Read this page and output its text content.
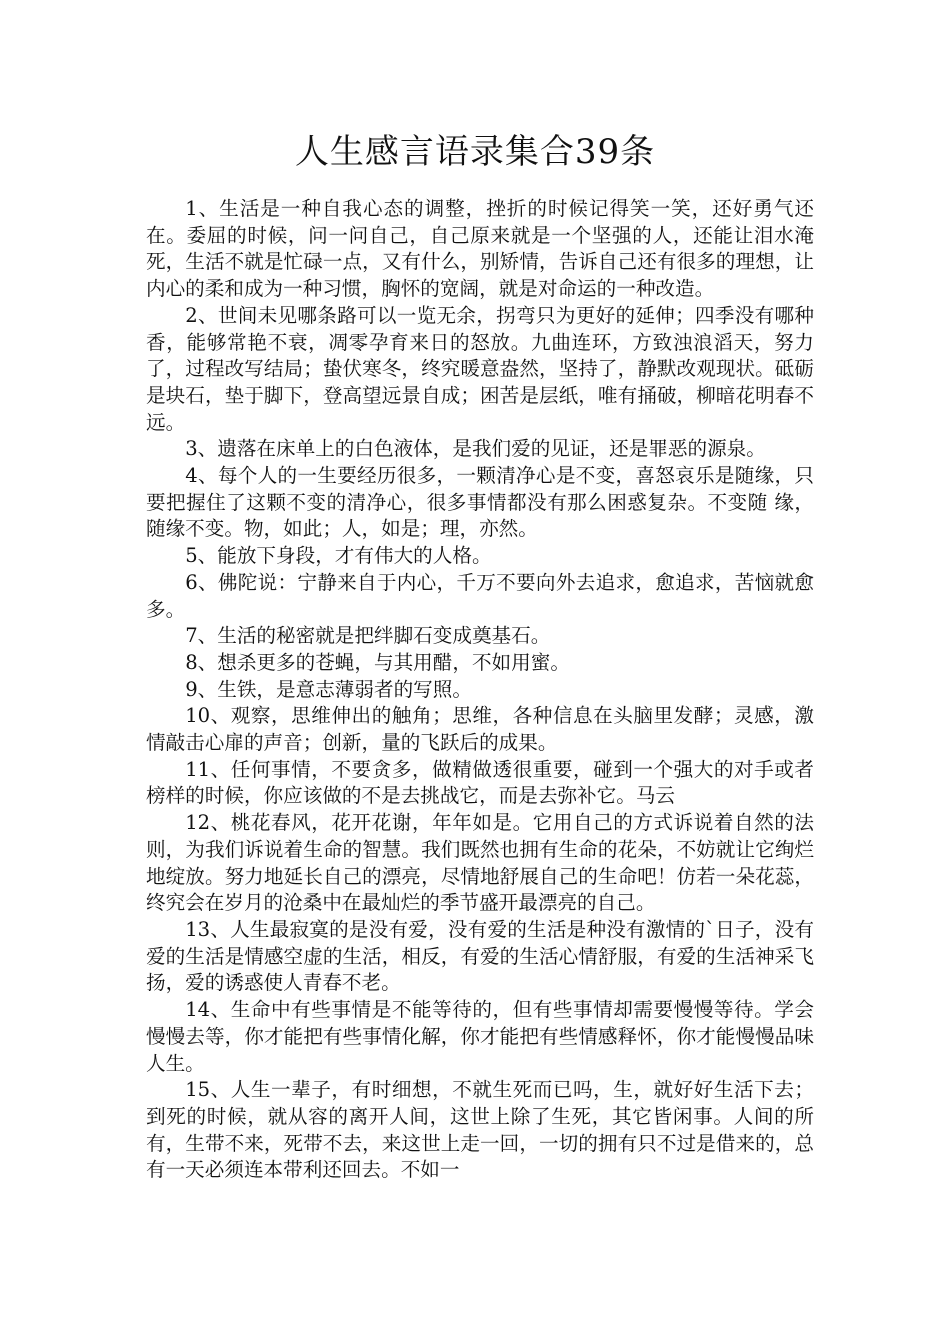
人生感言语录集合39条

1、生活是一种自我心态的调整，挫折的时候记得笑一笑，还好勇气还在。委屈的时候，问一问自己，自己原来就是一个坚强的人，还能让泪水淹死，生活不就是忙碌一点，又有什么，别矫情，告诉自己还有很多的理想，让内心的柔和成为一种习惯，胸怀的宽阔，就是对命运的一种改造。

2、世间未见哪条路可以一览无余，拐弯只为更好的延伸；四季没有哪种香，能够常艳不衰，凋零孕育来日的怒放。九曲连环，方致浊浪滔天，努力了，过程改写结局；蛰伏寒冬，终究暖意盎然，坚持了，静默改观现状。砥砺是块石，垫于脚下，登高望远景自成；困苦是层纸，唯有捅破，柳暗花明春不远。

3、遗落在床单上的白色液体，是我们爱的见证，还是罪恶的源泉。

4、每个人的一生要经历很多，一颗清净心是不变，喜怒哀乐是随缘，只 要把握住了这颗不变的清净心，很多事情都没有那么困惑复杂。不变随 缘，随缘不变。物，如此；人，如是；理，亦然。

5、能放下身段，才有伟大的人格。

6、佛陀说：宁静来自于内心，千万不要向外去追求，愈追求，苦恼就愈多。

7、生活的秘密就是把绊脚石变成奠基石。

8、想杀更多的苍蝇，与其用醋，不如用蜜。

9、生铁，是意志薄弱者的写照。

10、观察，思维伸出的触角；思维，各种信息在头脑里发酵；灵感，激情敲击心扉的声音；创新，量的飞跃后的成果。

11、任何事情，不要贪多，做精做透很重要，碰到一个强大的对手或者榜样的时候，你应该做的不是去挑战它，而是去弥补它。马云

12、桃花春风，花开花谢，年年如是。它用自己的方式诉说着自然的法则，为我们诉说着生命的智慧。我们既然也拥有生命的花朵，不妨就让它绚烂地绽放。努力地延长自己的漂亮，尽情地舒展自己的生命吧！仿若一朵花蕊，终究会在岁月的沧桑中在最灿烂的季节盛开最漂亮的自己。

13、人生最寂寞的是没有爱，没有爱的生活是种没有激情的`日子，没有爱的生活是情感空虚的生活，相反，有爱的生活心情舒服，有爱的生活神采飞扬，爱的诱惑使人青春不老。

14、生命中有些事情是不能等待的，但有些事情却需要慢慢等待。学会慢慢去等，你才能把有些事情化解，你才能把有些情感释怀，你才能慢慢品味人生。

15、人生一辈子，有时细想，不就生死而已吗，生，就好好生活下去；到死的时候，就从容的离开人间，这世上除了生死，其它皆闲事。人间的所有，生带不来，死带不去，来这世上走一回，一切的拥有只不过是借来的，总有一天必须连本带利还回去。不如一
